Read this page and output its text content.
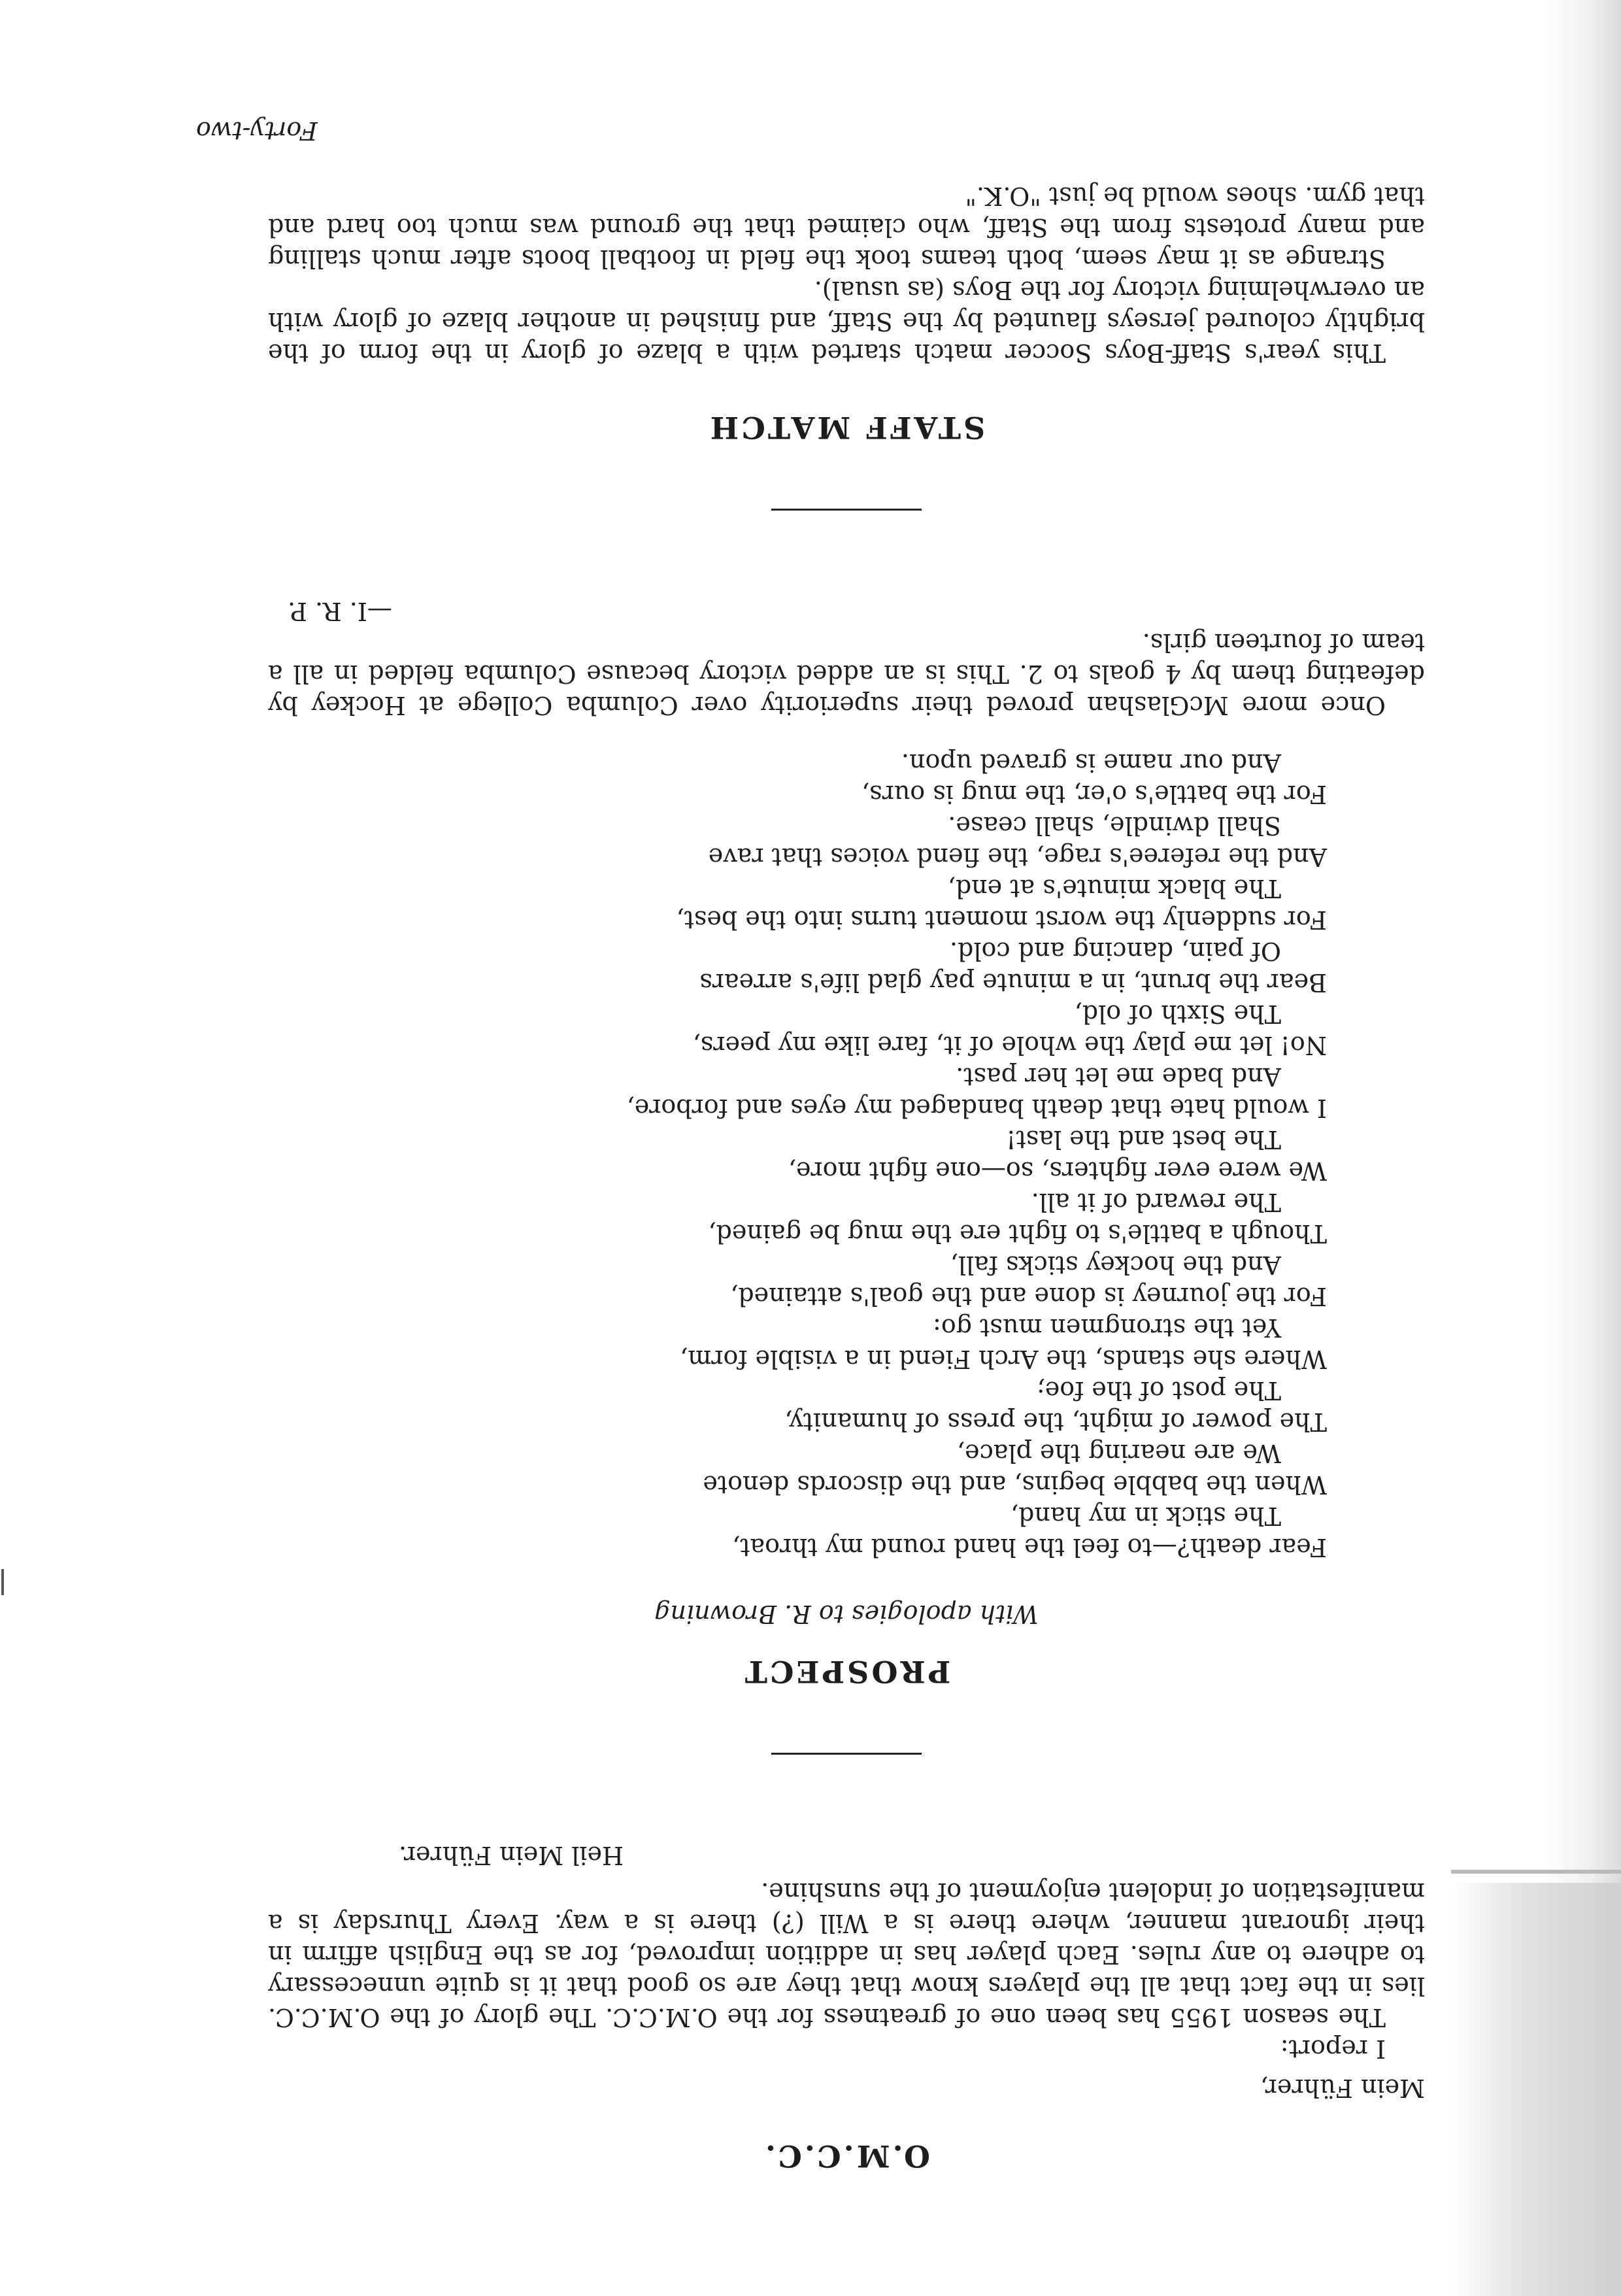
O.M.C.C.

Mein Führer,

I report:

The season 1955 has been one of greatness for the O.M.C.C. The glory of the O.M.C.C. lies in the fact that all the players know that they are so good that it is quite unnecessary to adhere to any rules. Each player has in addition improved, for as the English affirm in their ignorant manner, where there is a Will (?) there is a way. Every Thursday is a manifestation of indolent enjoyment of the sunshine.

Heil Mein Führer.

PROSPECT

With apologies to R. Browning

Fear death?—to feel the hand round my throat,

The stick in my hand,

When the babble begins, and the discords denote

We are nearing the place,

The power of might, the press of humanity,

The post of the foe;

Where she stands, the Arch Fiend in a visible form,

Yet the strongmen must go:

For the journey is done and the goal's attained,

And the hockey sticks fall,

Though a battle's to fight ere the mug be gained,

The reward of it all.

We were ever fighters, so—one fight more,

The best and the last!

I would hate that death bandaged my eyes and forbore,

And bade me let her past.

No! let me play the whole of it, fare like my peers,

The Sixth of old,

Bear the brunt, in a minute pay glad life's arrears

Of pain, dancing and cold.

For suddenly the worst moment turns into the best,

The black minute's at end,

And the referee's rage, the fiend voices that rave

Shall dwindle, shall cease.

For the battle's o'er, the mug is ours,

And our name is graved upon.

Once more McGlashan proved their superiority over Columba College at Hockey by defeating them by 4 goals to 2. This is an added victory because Columba fielded in all a team of fourteen girls.

—I. R. P.

STAFF MATCH

This year's Staff-Boys Soccer match started with a blaze of glory in the form of the brightly coloured jerseys flaunted by the Staff, and finished in another blaze of glory with an overwhelming victory for the Boys (as usual).

Strange as it may seem, both teams took the field in football boots after much stalling and many protests from the Staff, who claimed that the ground was much too hard and that gym. shoes would be just "O.K."

Forty-two
